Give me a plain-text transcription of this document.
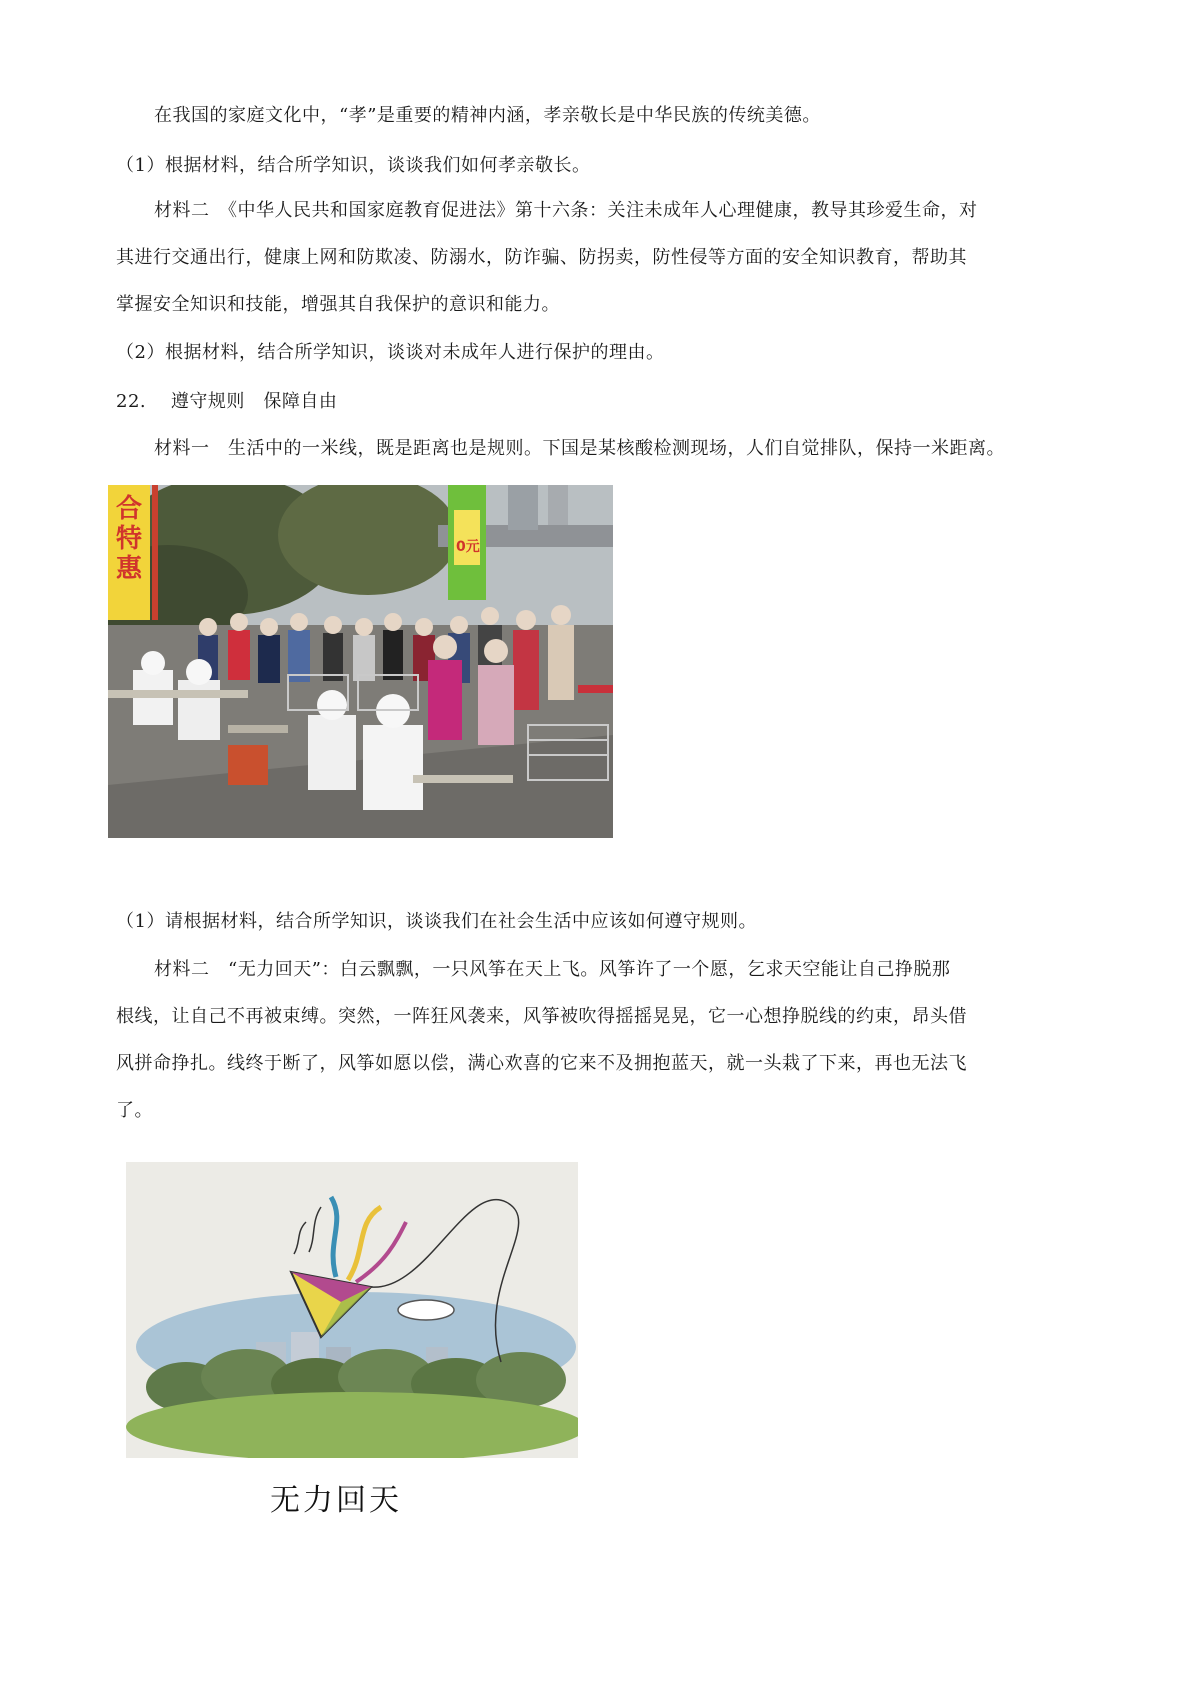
在我国的家庭文化中，“孝”是重要的精神内涵，孝亲敬长是中华民族的传统美德。
（1）根据材料，结合所学知识，谈谈我们如何孝亲敬长。
材料二　《中华人民共和国家庭教育促进法》第十六条：关注未成年人心理健康，教导其珍爱生命，对
其进行交通出行，健康上网和防欺凌、防溺水，防诈骗、防拐卖，防性侵等方面的安全知识教育，帮助其
掌握安全知识和技能，增强其自我保护的意识和能力。
（2）根据材料，结合所学知识，谈谈对未成年人进行保护的理由。
22.　 遵守规则　保障自由
材料一　生活中的一米线，既是距离也是规则。下国是某核酸检测现场，人们自觉排队，保持一米距离。
合
特
惠
0元
（1）请根据材料，结合所学知识，谈谈我们在社会生活中应该如何遵守规则。
材料二　“无力回天”：白云飘飘，一只风筝在天上飞。风筝许了一个愿，乞求天空能让自己挣脱那
根线，让自己不再被束缚。突然，一阵狂风袭来，风筝被吹得摇摇晃晃，它一心想挣脱线的约束，昂头借
风拼命挣扎。线终于断了，风筝如愿以偿，满心欢喜的它来不及拥抱蓝天，就一头栽了下来，再也无法飞
了。
无力回天
